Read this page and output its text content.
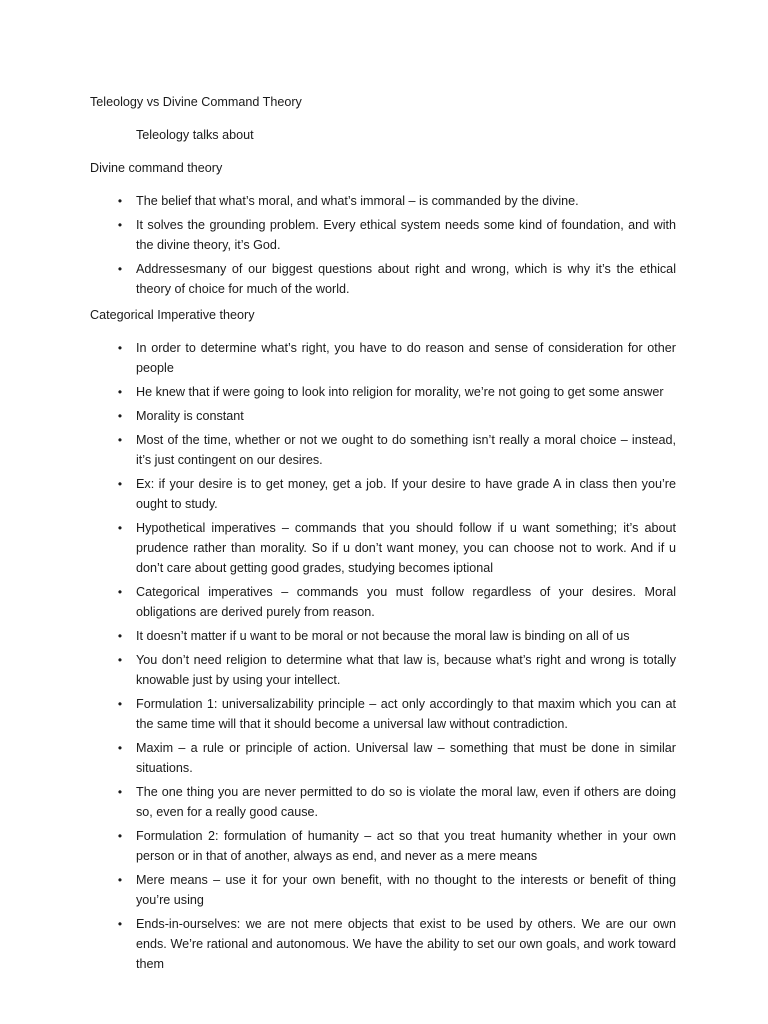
Teleology vs Divine Command Theory

Teleology talks about

Divine command theory

• The belief that what’s moral, and what’s immoral – is commanded by the divine.
• It solves the grounding problem. Every ethical system needs some kind of foundation, and with the divine theory, it’s God.
• Addressesmany of our biggest questions about right and wrong, which is why it’s the ethical theory of choice for much of the world.

Categorical Imperative theory

• In order to determine what’s right, you have to do reason and sense of consideration for other people
• He knew that if were going to look into religion for morality, we’re not going to get some answer
• Morality is constant
• Most of the time, whether or not we ought to do something isn’t really a moral choice – instead, it’s just contingent on our desires.
• Ex: if your desire is to get money, get a job. If your desire to have grade A in class then you’re ought to study.
• Hypothetical imperatives – commands that you should follow if u want something; it’s about prudence rather than morality. So if u don’t want money, you can choose not to work. And if u don’t care about getting good grades, studying becomes iptional
• Categorical imperatives – commands you must follow regardless of your desires. Moral obligations are derived purely from reason.
• It doesn’t matter if u want to be moral or not because the moral law is binding on all of us
• You don’t need religion to determine what that law is, because what’s right and wrong is totally knowable just by using your intellect.
• Formulation 1: universalizability principle – act only accordingly to that maxim which you can at the same time will that it should become a universal law without contradiction.
• Maxim – a rule or principle of action. Universal law – something that must be done in similar situations.
• The one thing you are never permitted to do so is violate the moral law, even if others are doing so, even for a really good cause.
• Formulation 2: formulation of humanity – act so that you treat humanity whether in your own person or in that of another, always as end, and never as a mere means
• Mere means – use it for your own benefit, with no thought to the interests or benefit of thing you’re using
• Ends-in-ourselves: we are not mere objects that exist to be used by others. We are our own ends. We’re rational and autonomous. We have the ability to set our own goals, and work toward them
